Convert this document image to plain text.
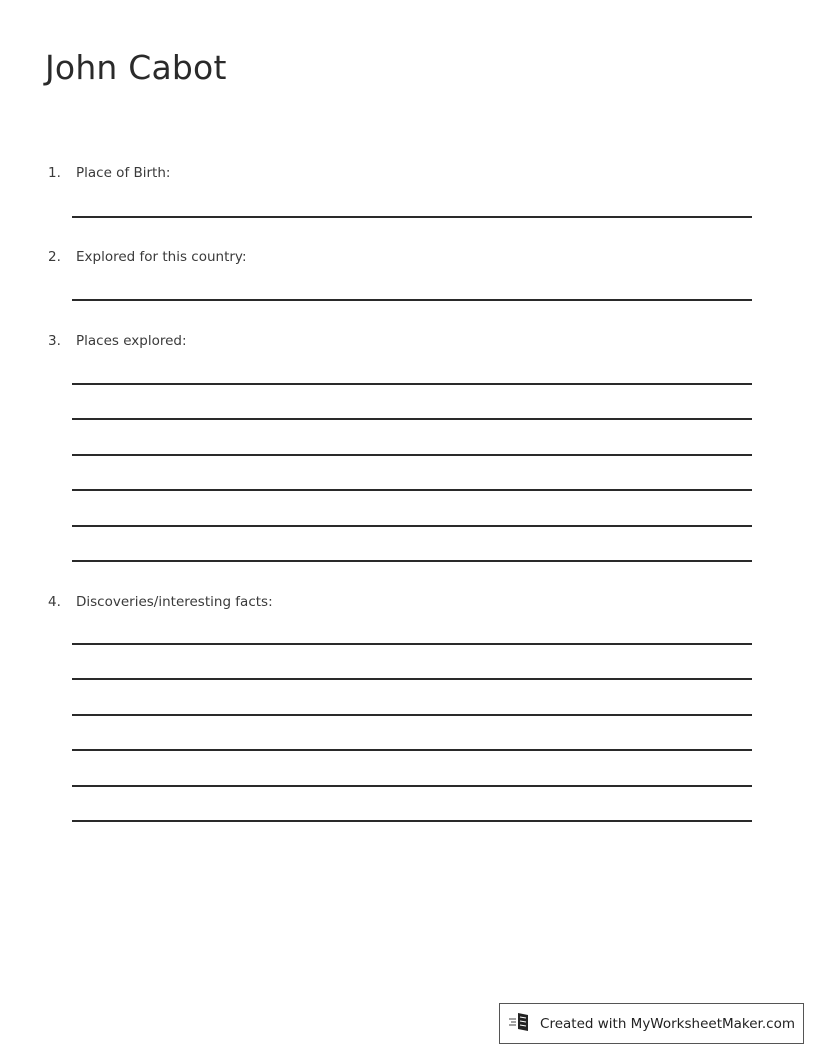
John Cabot
1. Place of Birth:
2. Explored for this country:
3. Places explored:
4. Discoveries/interesting facts:
Created with MyWorksheetMaker.com
